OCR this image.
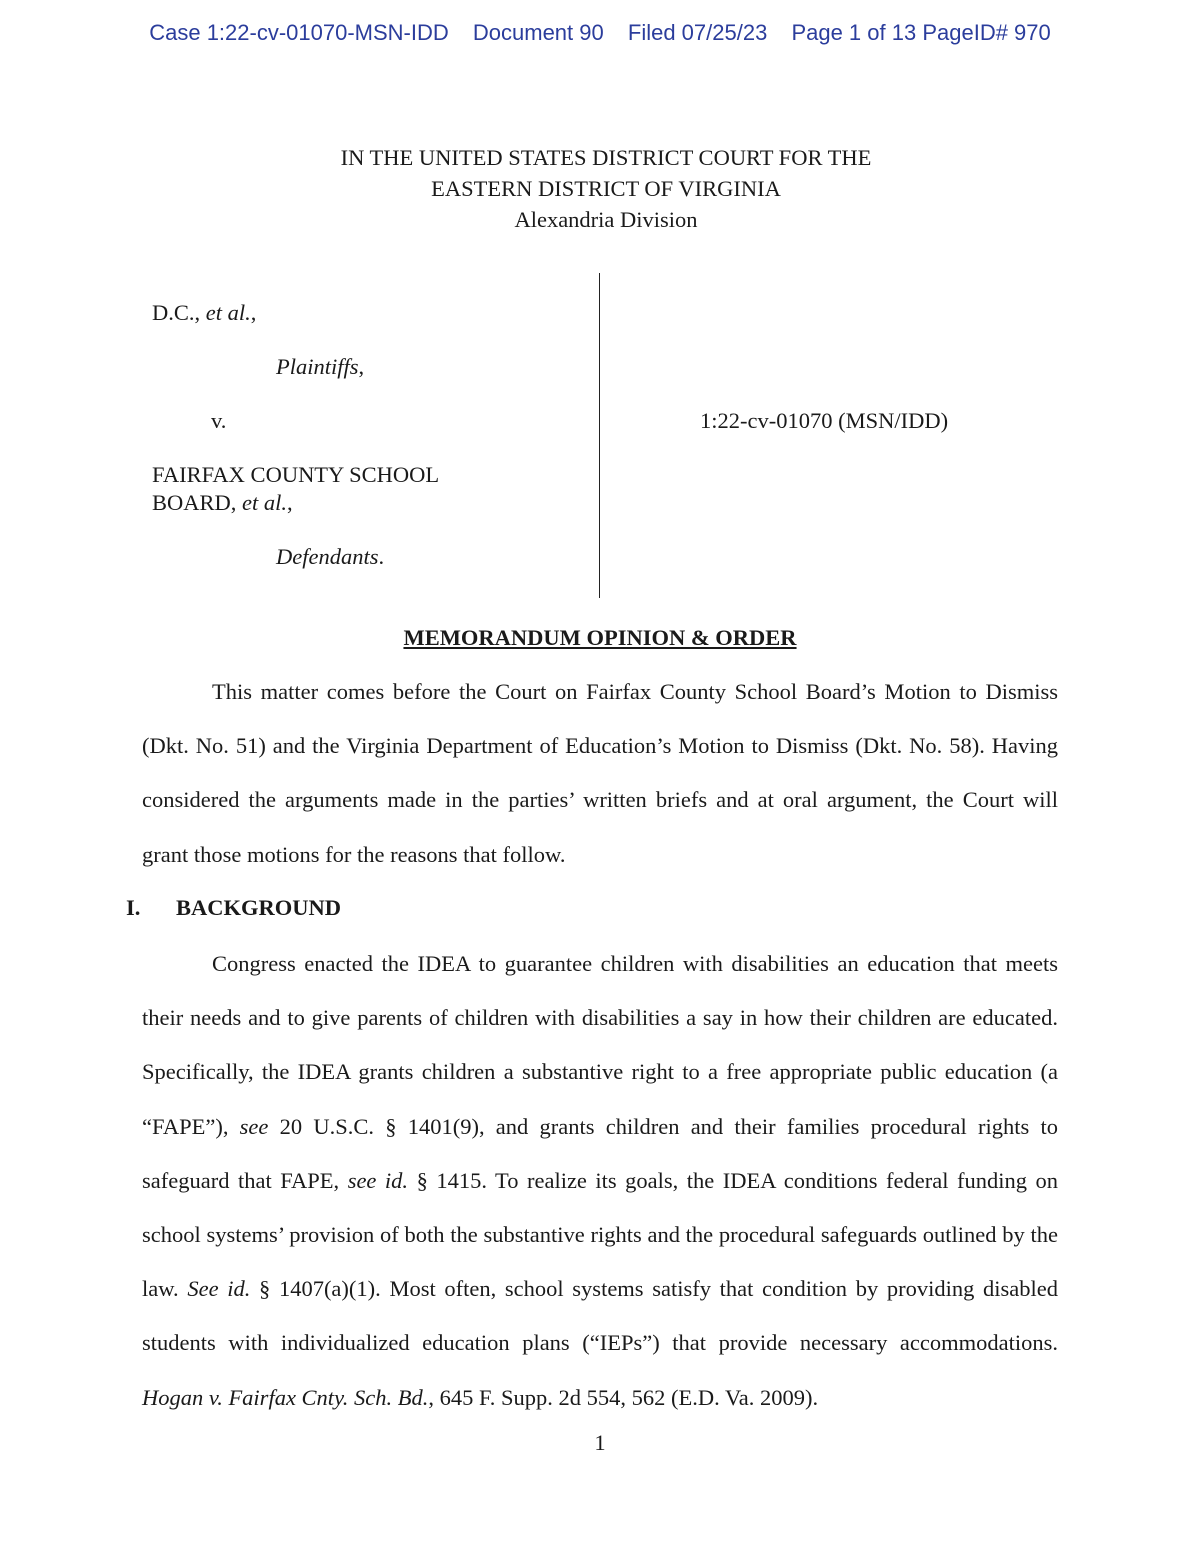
Case 1:22-cv-01070-MSN-IDD Document 90 Filed 07/25/23 Page 1 of 13 PageID# 970
IN THE UNITED STATES DISTRICT COURT FOR THE
EASTERN DISTRICT OF VIRGINIA
Alexandria Division
D.C., et al.,
Plaintiffs,
v.
FAIRFAX COUNTY SCHOOL
BOARD, et al.,
Defendants.
1:22-cv-01070 (MSN/IDD)
MEMORANDUM OPINION & ORDER

This matter comes before the Court on Fairfax County School Board’s Motion to Dismiss (Dkt. No. 51) and the Virginia Department of Education’s Motion to Dismiss (Dkt. No. 58). Having considered the arguments made in the parties’ written briefs and at oral argument, the Court will grant those motions for the reasons that follow.

I. BACKGROUND

Congress enacted the IDEA to guarantee children with disabilities an education that meets their needs and to give parents of children with disabilities a say in how their children are educated. Specifically, the IDEA grants children a substantive right to a free appropriate public education (a “FAPE”), see 20 U.S.C. § 1401(9), and grants children and their families procedural rights to safeguard that FAPE, see id. § 1415. To realize its goals, the IDEA conditions federal funding on school systems’ provision of both the substantive rights and the procedural safeguards outlined by the law. See id. § 1407(a)(1). Most often, school systems satisfy that condition by providing disabled students with individualized education plans (“IEPs”) that provide necessary accommodations. Hogan v. Fairfax Cnty. Sch. Bd., 645 F. Supp. 2d 554, 562 (E.D. Va. 2009).

1
